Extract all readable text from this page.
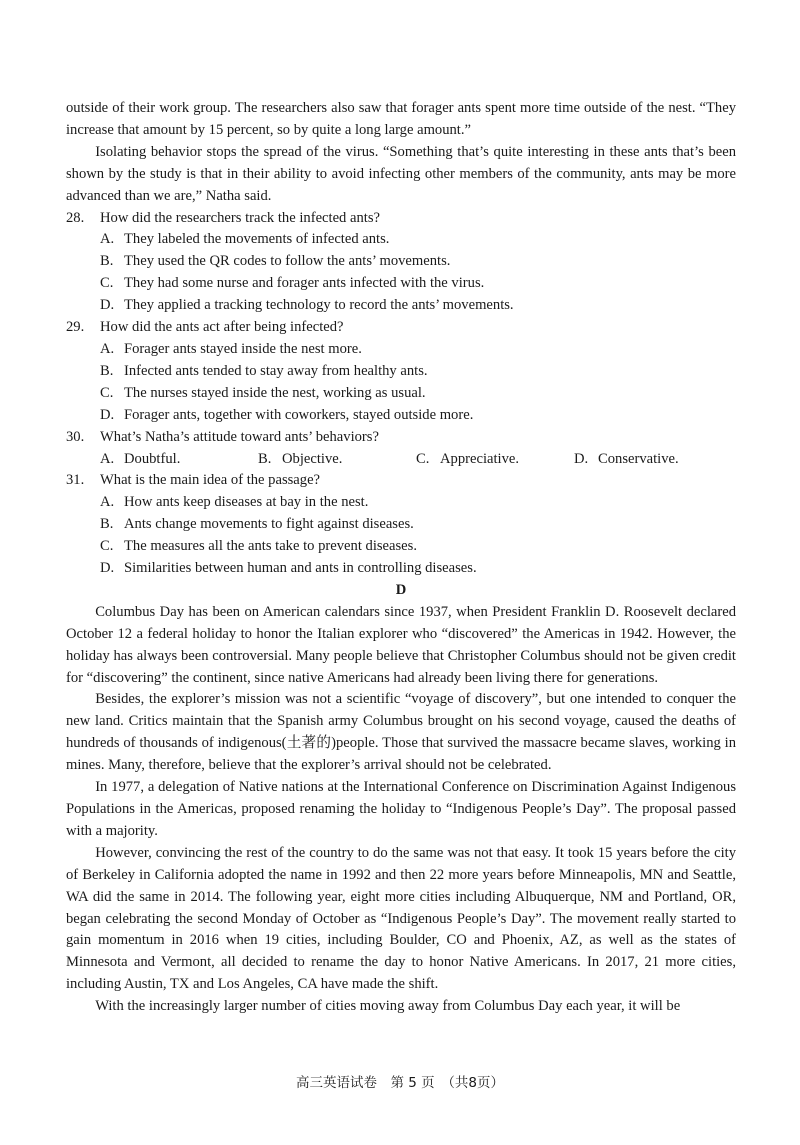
outside of their work group. The researchers also saw that forager ants spent more time outside of the nest. “They increase that amount by 15 percent, so by quite a long large amount.”

Isolating behavior stops the spread of the virus. “Something that’s quite interesting in these ants that’s been shown by the study is that in their ability to avoid infecting other members of the community, ants may be more advanced than we are,” Natha said.

28.	How did the researchers track the infected ants?
A. They labeled the movements of infected ants.
B. They used the QR codes to follow the ants’ movements.
C. They had some nurse and forager ants infected with the virus.
D. They applied a tracking technology to record the ants’ movements.
29.	How did the ants act after being infected?
A. Forager ants stayed inside the nest more.
B. Infected ants tended to stay away from healthy ants.
C. The nurses stayed inside the nest, working as usual.
D. Forager ants, together with coworkers, stayed outside more.
30.	What’s Natha’s attitude toward ants’ behaviors?
A. Doubtful.	B. Objective.	C. Appreciative.	D. Conservative.
31.	What is the main idea of the passage?
A. How ants keep diseases at bay in the nest.
B. Ants change movements to fight against diseases.
C. The measures all the ants take to prevent diseases.
D. Similarities between human and ants in controlling diseases.

D

Columbus Day has been on American calendars since 1937, when President Franklin D. Roosevelt declared October 12 a federal holiday to honor the Italian explorer who “discovered” the Americas in 1942. However, the holiday has always been controversial. Many people believe that Christopher Columbus should not be given credit for “discovering” the continent, since native Americans had already been living there for generations.

Besides, the explorer’s mission was not a scientific “voyage of discovery”, but one intended to conquer the new land. Critics maintain that the Spanish army Columbus brought on his second voyage, caused the deaths of hundreds of thousands of indigenous(土著的)people. Those that survived the massacre became slaves, working in mines. Many, therefore, believe that the explorer’s arrival should not be celebrated.

In 1977, a delegation of Native nations at the International Conference on Discrimination Against Indigenous Populations in the Americas, proposed renaming the holiday to “Indigenous People’s Day”. The proposal passed with a majority.

However, convincing the rest of the country to do the same was not that easy. It took 15 years before the city of Berkeley in California adopted the name in 1992 and then 22 more years before Minneapolis, MN and Seattle, WA did the same in 2014. The following year, eight more cities including Albuquerque, NM and Portland, OR, began celebrating the second Monday of October as “Indigenous People’s Day”. The movement really started to gain momentum in 2016 when 19 cities, including Boulder, CO and Phoenix, AZ, as well as the states of Minnesota and Vermont, all decided to rename the day to honor Native Americans. In 2017, 21 more cities, including Austin, TX and Los Angeles, CA have made the shift.

With the increasingly larger number of cities moving away from Columbus Day each year, it will be

高三英语试卷　第 5 页　（共8页）
